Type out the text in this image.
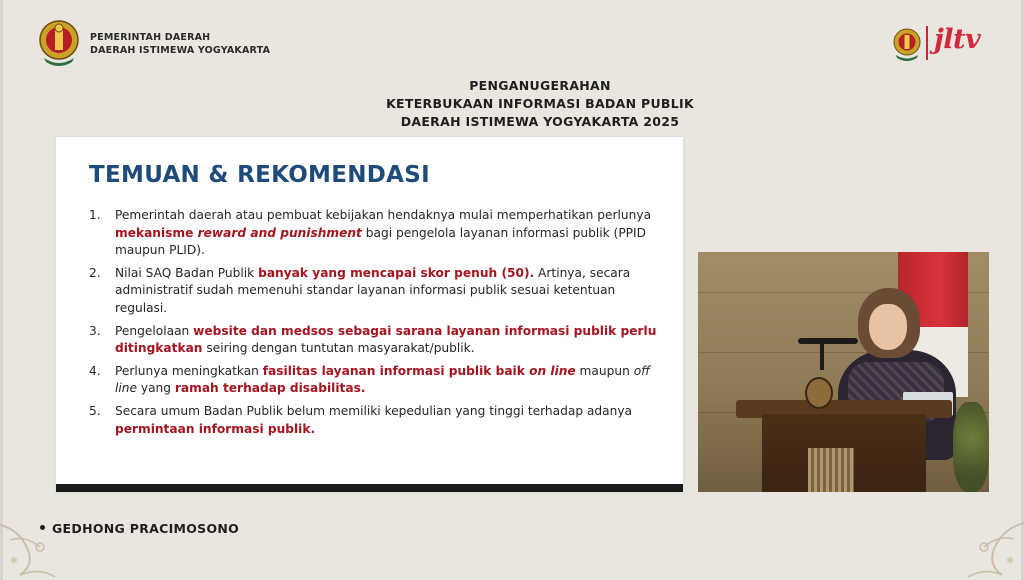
PEMERINTAH DAERAH
DAERAH ISTIMEWA YOGYAKARTA	jltv
PENGANUGERAHAN
KETERBUKAAN INFORMASI BADAN PUBLIK
DAERAH ISTIMEWA YOGYAKARTA 2025
TEMUAN & REKOMENDASI
1. Pemerintah daerah atau pembuat kebijakan hendaknya mulai memperhatikan perlunya mekanisme reward and punishment bagi pengelola layanan informasi publik (PPID maupun PLID).
2. Nilai SAQ Badan Publik banyak yang mencapai skor penuh (50). Artinya, secara administratif sudah memenuhi standar layanan informasi publik sesuai ketentuan regulasi.
3. Pengelolaan website dan medsos sebagai sarana layanan informasi publik perlu ditingkatkan seiring dengan tuntutan masyarakat/publik.
4. Perlunya meningkatkan fasilitas layanan informasi publik baik on line maupun off line yang ramah terhadap disabilitas.
5. Secara umum Badan Publik belum memiliki kepedulian yang tinggi terhadap adanya permintaan informasi publik.
GEDHONG PRACIMOSONO
